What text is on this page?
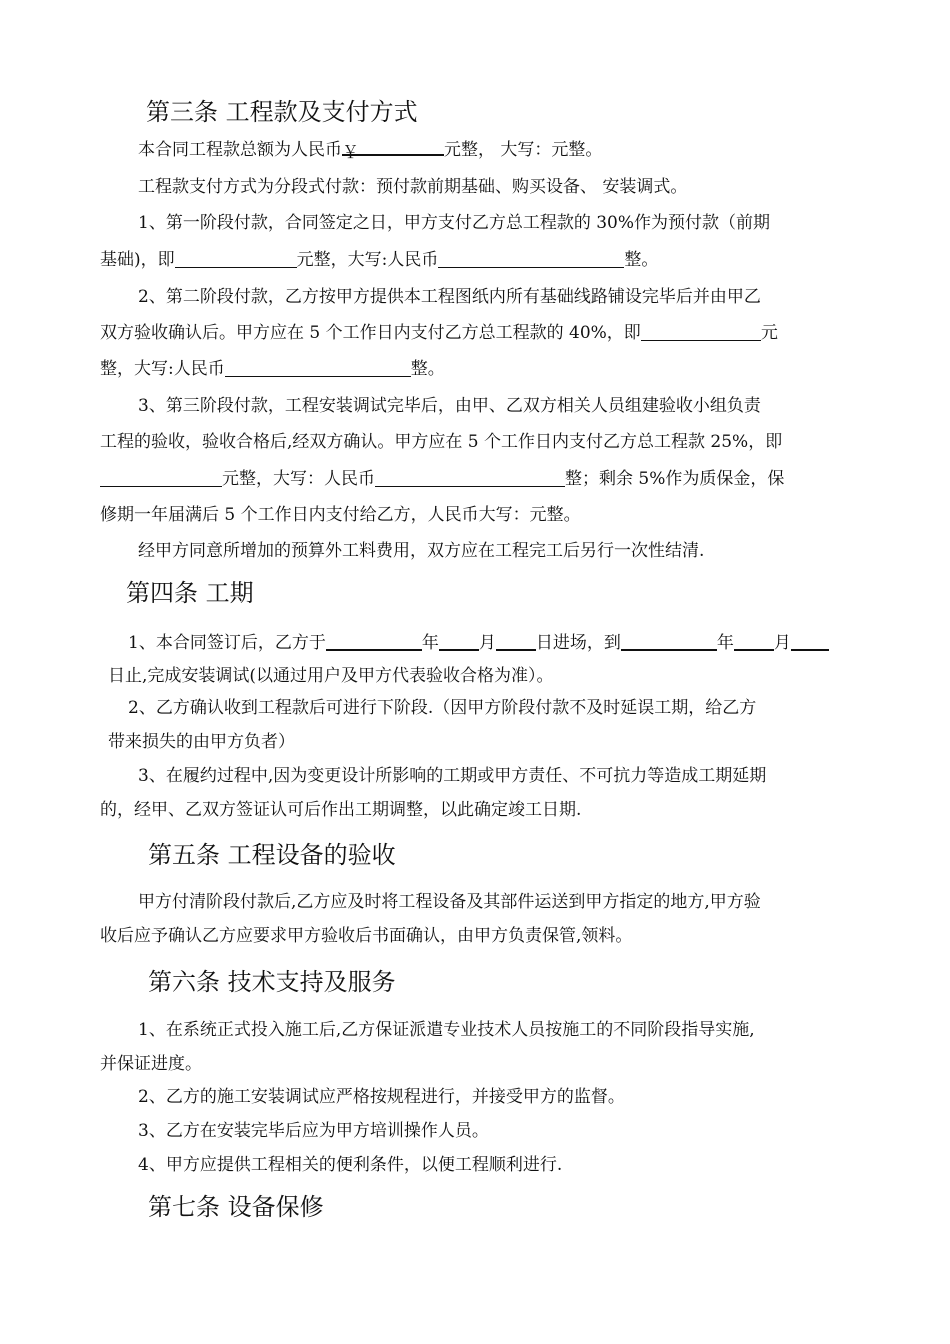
第三条 工程款及支付方式
本合同工程款总额为人民币￥	元整， 大写：元整。
工程款支付方式为分段式付款：预付款前期基础、购买设备、 安装调式。
1、第一阶段付款，合同签定之日，甲方支付乙方总工程款的 30%作为预付款（前期
基础)，即	元整，大写:人民币	整。
2、第二阶段付款，乙方按甲方提供本工程图纸内所有基础线路铺设完毕后并由甲乙
双方验收确认后。甲方应在 5 个工作日内支付乙方总工程款的 40%，即	元
整，大写:人民币	整。
3、第三阶段付款，工程安装调试完毕后，由甲、乙双方相关人员组建验收小组负责
工程的验收，验收合格后,经双方确认。甲方应在 5 个工作日内支付乙方总工程款 25%，即
元整，大写：人民币	整；剩余 5%作为质保金，保
修期一年届满后 5 个工作日内支付给乙方，人民币大写：元整。
经甲方同意所增加的预算外工料费用，双方应在工程完工后另行一次性结清.
第四条 工期
1、本合同签订后，乙方于	年 月 日进场，到	年 月
日止,完成安装调试(以通过用户及甲方代表验收合格为准）。
2、乙方确认收到工程款后可进行下阶段.（因甲方阶段付款不及时延误工期，给乙方
带来损失的由甲方负者）
3、在履约过程中,因为变更设计所影响的工期或甲方责任、不可抗力等造成工期延期
的，经甲、乙双方签证认可后作出工期调整，以此确定竣工日期.
第五条 工程设备的验收
甲方付清阶段付款后,乙方应及时将工程设备及其部件运送到甲方指定的地方,甲方验
收后应予确认乙方应要求甲方验收后书面确认，由甲方负责保管,领料。
第六条 技术支持及服务
1、在系统正式投入施工后,乙方保证派遣专业技术人员按施工的不同阶段指导实施,
并保证进度。
2、乙方的施工安装调试应严格按规程进行，并接受甲方的监督。
3、乙方在安装完毕后应为甲方培训操作人员。
4、甲方应提供工程相关的便利条件，以便工程顺利进行.
第七条 设备保修
